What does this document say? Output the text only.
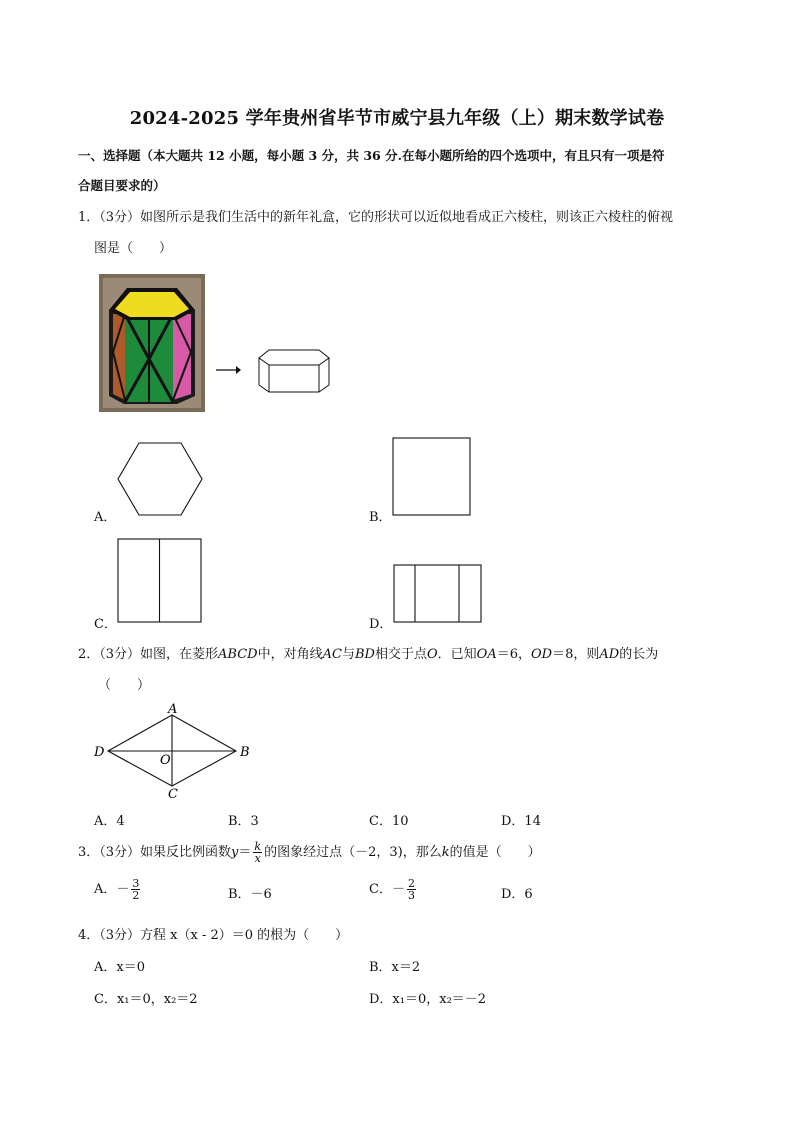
2024-2025 学年贵州省毕节市威宁县九年级（上）期末数学试卷
一、选择题（本大题共 12 小题，每小题 3 分，共 36 分.在每小题所给的四个选项中，有且只有一项是符
合题目要求的）
1．（3分）如图所示是我们生活中的新年礼盒，它的形状可以近似地看成正六棱柱，则该正六棱柱的俯视
图是（　　）
A．	B．
C．	D．
2．（3分）如图，在菱形ABCD中，对角线AC与BD相交于点O．已知OA＝6，OD＝8，则AD的长为
（　　）
A
B
C
D
O
A．4	B．3	C．10	D．14
3．（3分）如果反比例函数$y= \frac{k}{x}$ 的图象经过点（－2，3)，那么k的值是（　　）
A．－ $\frac{3}{2}$	B．－6	C．－ $\frac{2}{3}$	D．6
4．（3分）方程 x（x - 2）＝0 的根为（　　）
A．x＝0	B．x＝2
C．x₁＝0，x₂＝2	D．x₁＝0，x₂＝－2
